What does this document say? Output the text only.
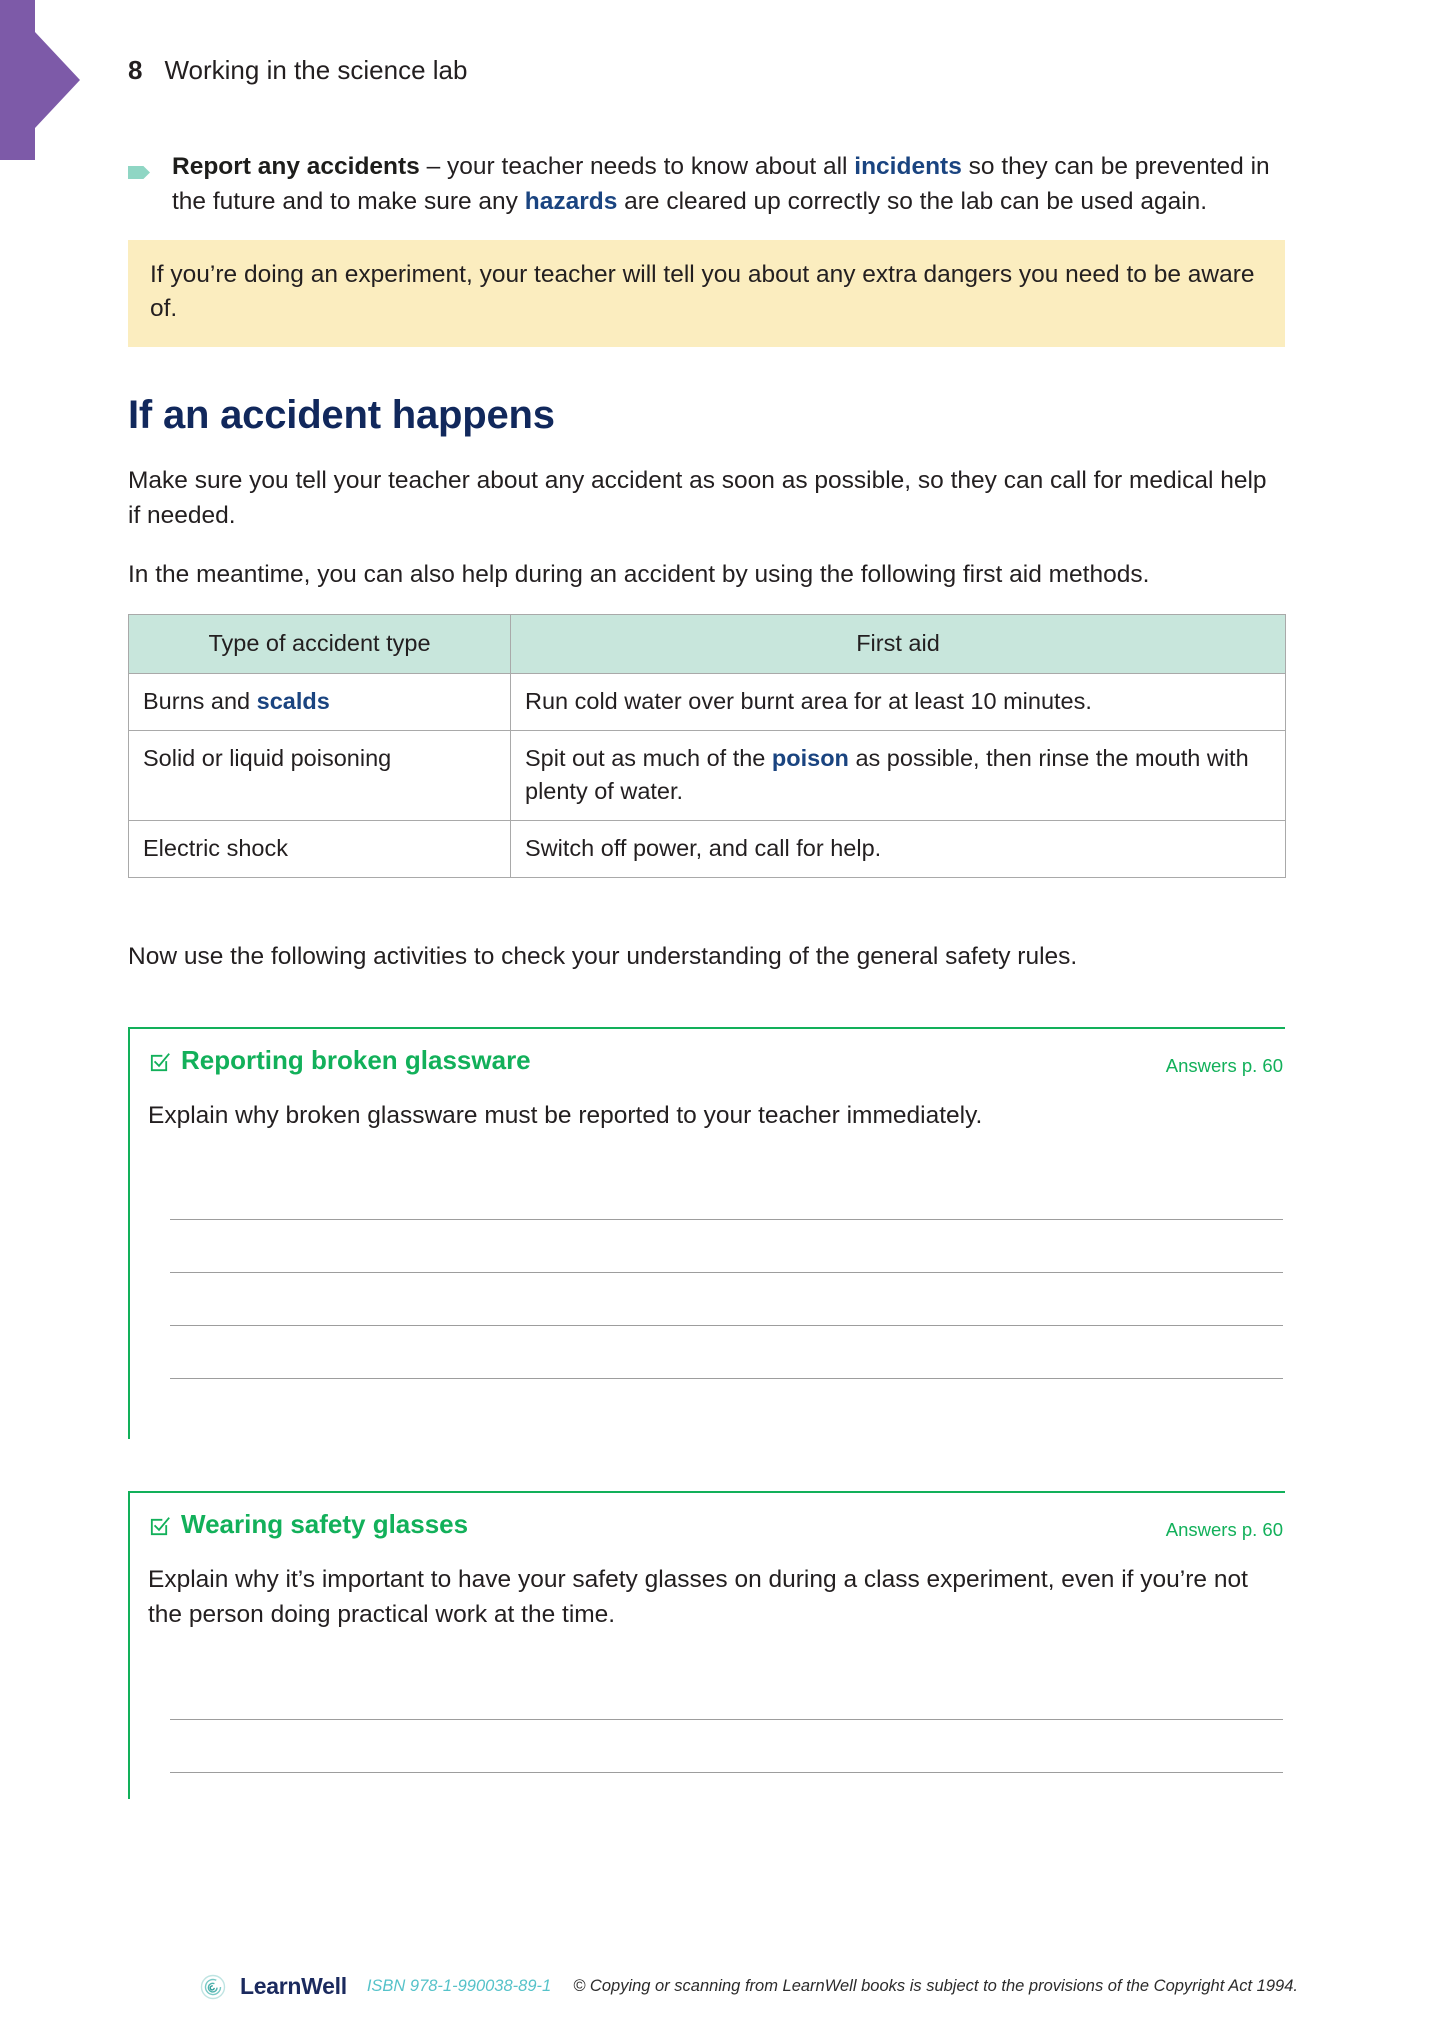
8 Working in the science lab
Report any accidents – your teacher needs to know about all incidents so they can be prevented in the future and to make sure any hazards are cleared up correctly so the lab can be used again.
If you’re doing an experiment, your teacher will tell you about any extra dangers you need to be aware of.
If an accident happens

Make sure you tell your teacher about any accident as soon as possible, so they can call for medical help if needed.

In the meantime, you can also help during an accident by using the following first aid methods.

Type of accident type	First aid
Burns and scalds	Run cold water over burnt area for at least 10 minutes.
Solid or liquid poisoning	Spit out as much of the poison as possible, then rinse the mouth with plenty of water.
Electric shock	Switch off power, and call for help.

Now use the following activities to check your understanding of the general safety rules.

Reporting broken glassware	Answers p. 60

Explain why broken glassware must be reported to your teacher immediately.

Wearing safety glasses	Answers p. 60

Explain why it’s important to have your safety glasses on during a class experiment, even if you’re not the person doing practical work at the time.

LearnWell ISBN 978-1-990038-89-1 © Copying or scanning from LearnWell books is subject to the provisions of the Copyright Act 1994.
